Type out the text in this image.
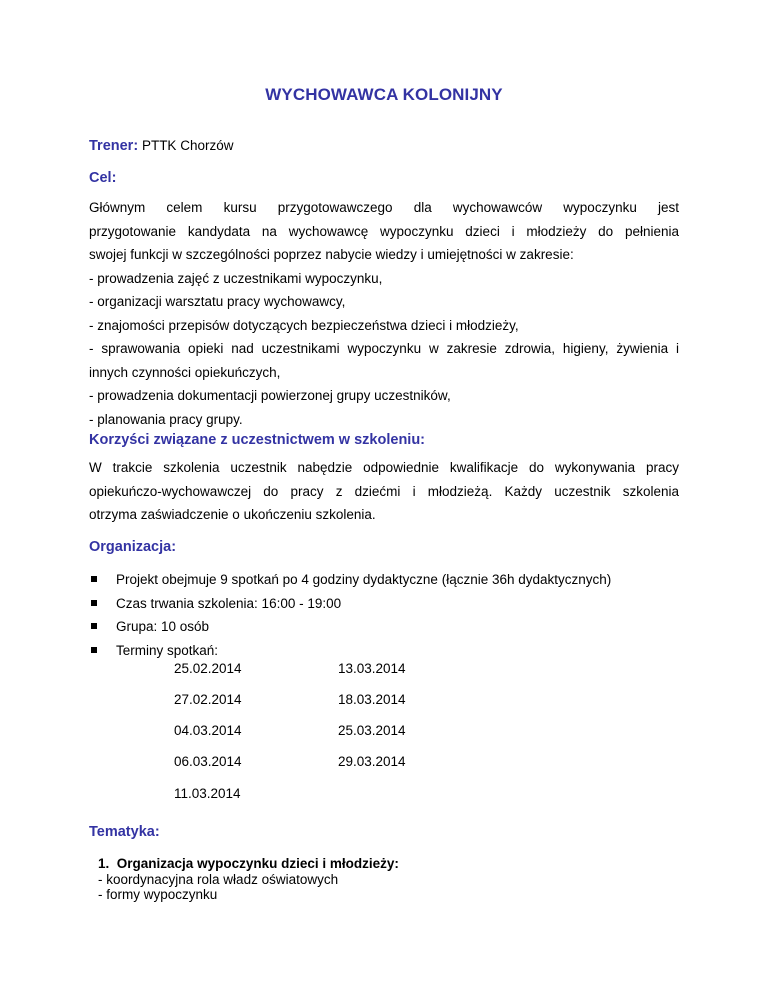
WYCHOWAWCA KOLONIJNY
Trener: PTTK Chorzów
Cel:
Głównym celem kursu przygotowawczego dla wychowawców wypoczynku jest
przygotowanie kandydata na wychowawcę wypoczynku dzieci i młodzieży do pełnienia
swojej funkcji w szczególności poprzez nabycie wiedzy i umiejętności w zakresie:
- prowadzenia zajęć z uczestnikami wypoczynku,
- organizacji warsztatu pracy wychowawcy,
- znajomości przepisów dotyczących bezpieczeństwa dzieci i młodzieży,
- sprawowania opieki nad uczestnikami wypoczynku w zakresie zdrowia, higieny, żywienia i
innych czynności opiekuńczych,
- prowadzenia dokumentacji powierzonej grupy uczestników,
- planowania pracy grupy.
Korzyści związane z uczestnictwem w szkoleniu:
W trakcie szkolenia uczestnik nabędzie odpowiednie kwalifikacje do wykonywania pracy
opiekuńczo-wychowawczej do pracy z dziećmi i młodzieżą. Każdy uczestnik szkolenia
otrzyma zaświadczenie o ukończeniu szkolenia.
Organizacja:
Projekt obejmuje 9 spotkań po 4 godziny dydaktyczne (łącznie 36h dydaktycznych)
Czas trwania szkolenia: 16:00 - 19:00
Grupa: 10 osób
Terminy spotkań:
25.02.2014
27.02.2014
04.03.2014
06.03.2014
11.03.2014
13.03.2014
18.03.2014
25.03.2014
29.03.2014
Tematyka:
1. Organizacja wypoczynku dzieci i młodzieży:
- koordynacyjna rola władz oświatowych
- formy wypoczynku
